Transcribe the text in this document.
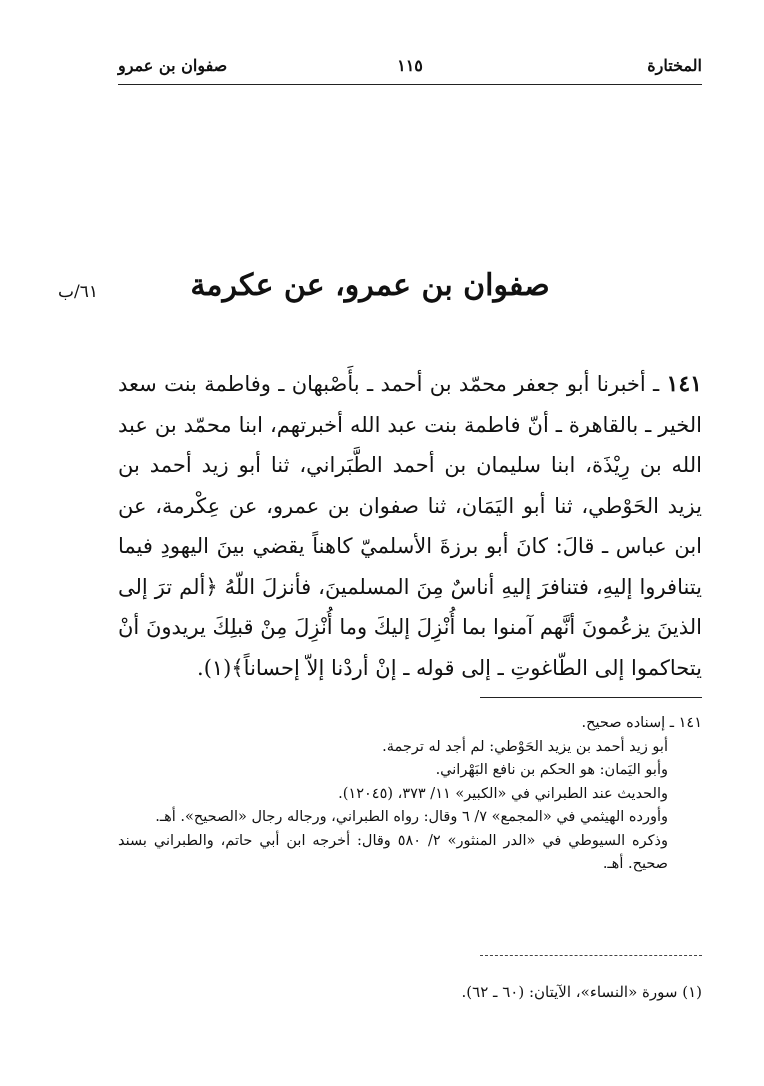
المختارة
١١٥
صفوان بن عمرو
٦١/ب	صفوان بن عمرو، عن عكرمة

١٤١ ـ أخبرنا أبو جعفر محمّد بن أحمد ـ بأَصْبهان ـ وفاطمة بنت سعد الخير ـ بالقاهرة ـ أنّ فاطمة بنت عبد الله أخبرتهم، ابنا محمّد بن عبد الله بن رِيْذَة، ابنا سليمان بن أحمد الطَّبَراني، ثنا أبو زيد أحمد بن يزيد الحَوْطي، ثنا أبو اليَمَان، ثنا صفوان بن عمرو، عن عِكْرمة، عن ابن عباس ـ قالَ: كانَ أبو برزةَ الأسلميّ كاهناً يقضي بينَ اليهودِ فيما يتنافروا إليهِ، فتنافرَ إليهِ أناسٌ مِنَ المسلمينَ، فأنزلَ اللّهُ ﴿ألم ترَ إلى الذينَ يزعُمونَ أنَّهم آمنوا بما أُنْزِلَ إليكَ وما أُنْزِلَ مِنْ قبلِكَ يريدونَ أنْ يتحاكموا إلى الطّاغوتِ ـ إلى قوله ـ إنْ أردْنا إلاّ إحساناً﴾(١).

١٤١ ـ إسناده صحيح.

أبو زيد أحمد بن يزيد الحَوْطي: لم أجد له ترجمة.

وأبو اليَمان: هو الحكم بن نافع البَهْراني.

والحديث عند الطبراني في «الكبير» ١١/ ٣٧٣، (١٢٠٤٥).

وأورده الهيثمي في «المجمع» ٧/ ٦ وقال: رواه الطبراني، ورجاله رجال «الصحيح». أهـ.

وذكره السيوطي في «الدر المنثور» ٢/ ٥٨٠ وقال: أخرجه ابن أبي حاتم، والطبراني بسند صحيح. أهـ.

(١) سورة «النساء»، الآيتان: (٦٠ ـ ٦٢).
